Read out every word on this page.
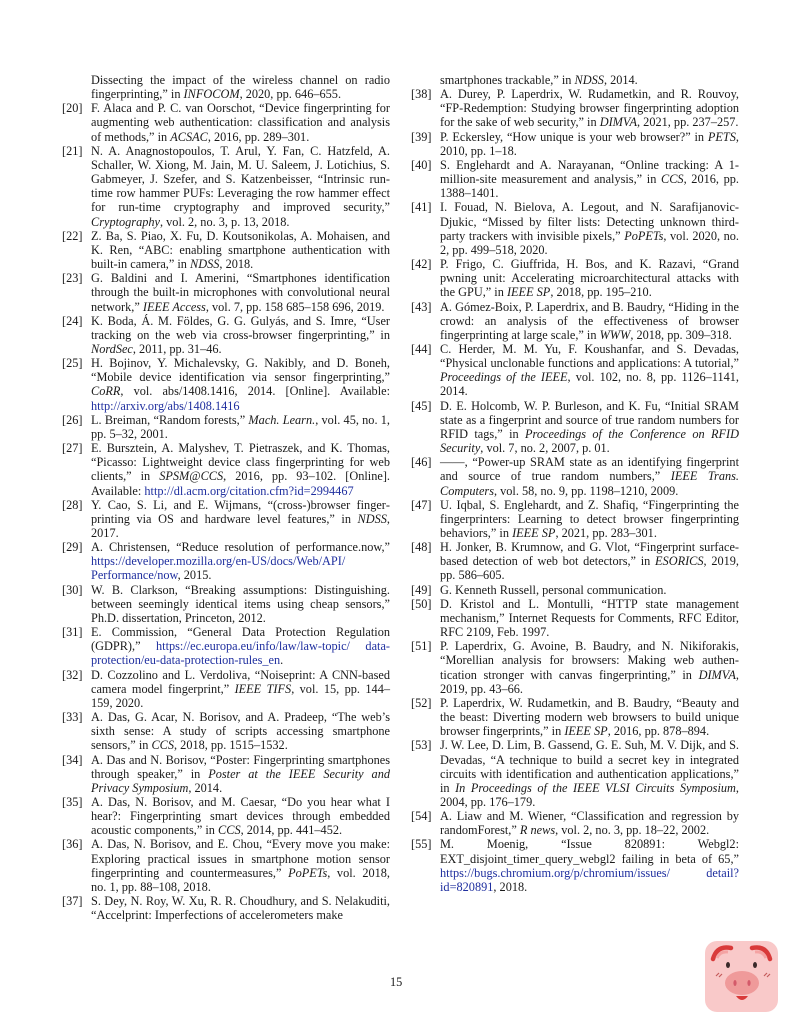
Dissecting the impact of the wireless channel on radio fingerprinting,” in INFOCOM, 2020, pp. 646–655.
[20] F. Alaca and P. C. van Oorschot, “Device fingerprinting for augmenting web authentication: classification and analysis of methods,” in ACSAC, 2016, pp. 289–301.
[21] N. A. Anagnostopoulos, T. Arul, Y. Fan, C. Hatzfeld, A. Schaller, W. Xiong, M. Jain, M. U. Saleem, J. Lotichius, S. Gabmeyer, J. Szefer, and S. Katzenbeisser, “Intrinsic run-time row hammer PUFs: Leveraging the row hammer effect for run-time cryptography and improved security,” Cryptography, vol. 2, no. 3, p. 13, 2018.
[22] Z. Ba, S. Piao, X. Fu, D. Koutsonikolas, A. Mohaisen, and K. Ren, “ABC: enabling smartphone authentication with built-in camera,” in NDSS, 2018.
[23] G. Baldini and I. Amerini, “Smartphones identification through the built-in microphones with convolutional neural network,” IEEE Access, vol. 7, pp. 158 685–158 696, 2019.
[24] K. Boda, Á. M. Földes, G. G. Gulyás, and S. Imre, “User tracking on the web via cross-browser fingerprinting,” in NordSec, 2011, pp. 31–46.
[25] H. Bojinov, Y. Michalevsky, G. Nakibly, and D. Boneh, “Mobile device identification via sensor fingerprinting,” CoRR, vol. abs/1408.1416, 2014. [Online]. Available: http://arxiv.org/abs/1408.1416
[26] L. Breiman, “Random forests,” Mach. Learn., vol. 45, no. 1, pp. 5–32, 2001.
[27] E. Bursztein, A. Malyshev, T. Pietraszek, and K. Thomas, “Picasso: Lightweight device class fingerprinting for web clients,” in SPSM@CCS, 2016, pp. 93–102. [Online]. Available: http://dl.acm.org/citation.cfm?id=2994467
[28] Y. Cao, S. Li, and E. Wijmans, “(cross-)browser fingerprinting via OS and hardware level features,” in NDSS, 2017.
[29] A. Christensen, “Reduce resolution of performance.now,” https://developer.mozilla.org/en-US/docs/Web/API/ Performance/now, 2015.
[30] W. B. Clarkson, “Breaking assumptions: Distinguishing. between seemingly identical items using cheap sensors,” Ph.D. dissertation, Princeton, 2012.
[31] E. Commission, “General Data Protection Regulation (GDPR),” https://ec.europa.eu/info/law/law-topic/ data-protection/eu-data-protection-rules_en.
[32] D. Cozzolino and L. Verdoliva, “Noiseprint: A CNN-based camera model fingerprint,” IEEE TIFS, vol. 15, pp. 144–159, 2020.
[33] A. Das, G. Acar, N. Borisov, and A. Pradeep, “The web’s sixth sense: A study of scripts accessing smartphone sensors,” in CCS, 2018, pp. 1515–1532.
[34] A. Das and N. Borisov, “Poster: Fingerprinting smartphones through speaker,” in Poster at the IEEE Security and Privacy Symposium, 2014.
[35] A. Das, N. Borisov, and M. Caesar, “Do you hear what I hear?: Fingerprinting smart devices through embedded acoustic components,” in CCS, 2014, pp. 441–452.
[36] A. Das, N. Borisov, and E. Chou, “Every move you make: Exploring practical issues in smartphone motion sensor fingerprinting and countermeasures,” PoPETs, vol. 2018, no. 1, pp. 88–108, 2018.
[37] S. Dey, N. Roy, W. Xu, R. R. Choudhury, and S. Nelakuditi, “Accelprint: Imperfections of accelerometers make
smartphones trackable,” in NDSS, 2014.
[38] A. Durey, P. Laperdrix, W. Rudametkin, and R. Rouvoy, “FP-Redemption: Studying browser fingerprinting adoption for the sake of web security,” in DIMVA, 2021, pp. 237–257.
[39] P. Eckersley, “How unique is your web browser?” in PETS, 2010, pp. 1–18.
[40] S. Englehardt and A. Narayanan, “Online tracking: A 1-million-site measurement and analysis,” in CCS, 2016, pp. 1388–1401.
[41] I. Fouad, N. Bielova, A. Legout, and N. Sarafijanovic-Djukic, “Missed by filter lists: Detecting unknown third-party trackers with invisible pixels,” PoPETs, vol. 2020, no. 2, pp. 499–518, 2020.
[42] P. Frigo, C. Giuffrida, H. Bos, and K. Razavi, “Grand pwning unit: Accelerating microarchitectural attacks with the GPU,” in IEEE SP, 2018, pp. 195–210.
[43] A. Gómez-Boix, P. Laperdrix, and B. Baudry, “Hiding in the crowd: an analysis of the effectiveness of browser fingerprinting at large scale,” in WWW, 2018, pp. 309–318.
[44] C. Herder, M. M. Yu, F. Koushanfar, and S. Devadas, “Physical unclonable functions and applications: A tutorial,” Proceedings of the IEEE, vol. 102, no. 8, pp. 1126–1141, 2014.
[45] D. E. Holcomb, W. P. Burleson, and K. Fu, “Initial SRAM state as a fingerprint and source of true random numbers for RFID tags,” in Proceedings of the Conference on RFID Security, vol. 7, no. 2, 2007, p. 01.
[46] ——, “Power-up SRAM state as an identifying fingerprint and source of true random numbers,” IEEE Trans. Computers, vol. 58, no. 9, pp. 1198–1210, 2009.
[47] U. Iqbal, S. Englehardt, and Z. Shafiq, “Fingerprinting the fingerprinters: Learning to detect browser fingerprinting behaviors,” in IEEE SP, 2021, pp. 283–301.
[48] H. Jonker, B. Krumnow, and G. Vlot, “Fingerprint surface-based detection of web bot detectors,” in ESORICS, 2019, pp. 586–605.
[49] G. Kenneth Russell, personal communication.
[50] D. Kristol and L. Montulli, “HTTP state management mechanism,” Internet Requests for Comments, RFC Editor, RFC 2109, Feb. 1997.
[51] P. Laperdrix, G. Avoine, B. Baudry, and N. Nikiforakis, “Morellian analysis for browsers: Making web authentication stronger with canvas fingerprinting,” in DIMVA, 2019, pp. 43–66.
[52] P. Laperdrix, W. Rudametkin, and B. Baudry, “Beauty and the beast: Diverting modern web browsers to build unique browser fingerprints,” in IEEE SP, 2016, pp. 878–894.
[53] J. W. Lee, D. Lim, B. Gassend, G. E. Suh, M. V. Dijk, and S. Devadas, “A technique to build a secret key in integrated circuits with identification and authentication applications,” in In Proceedings of the IEEE VLSI Circuits Symposium, 2004, pp. 176–179.
[54] A. Liaw and M. Wiener, “Classification and regression by randomForest,” R news, vol. 2, no. 3, pp. 18–22, 2002.
[55] M. Moenig, “Issue 820891: Webgl2: EXT_disjoint_timer_query_webgl2 failing in beta of 65,” https://bugs.chromium.org/p/chromium/issues/ detail?id=820891, 2018.
15
